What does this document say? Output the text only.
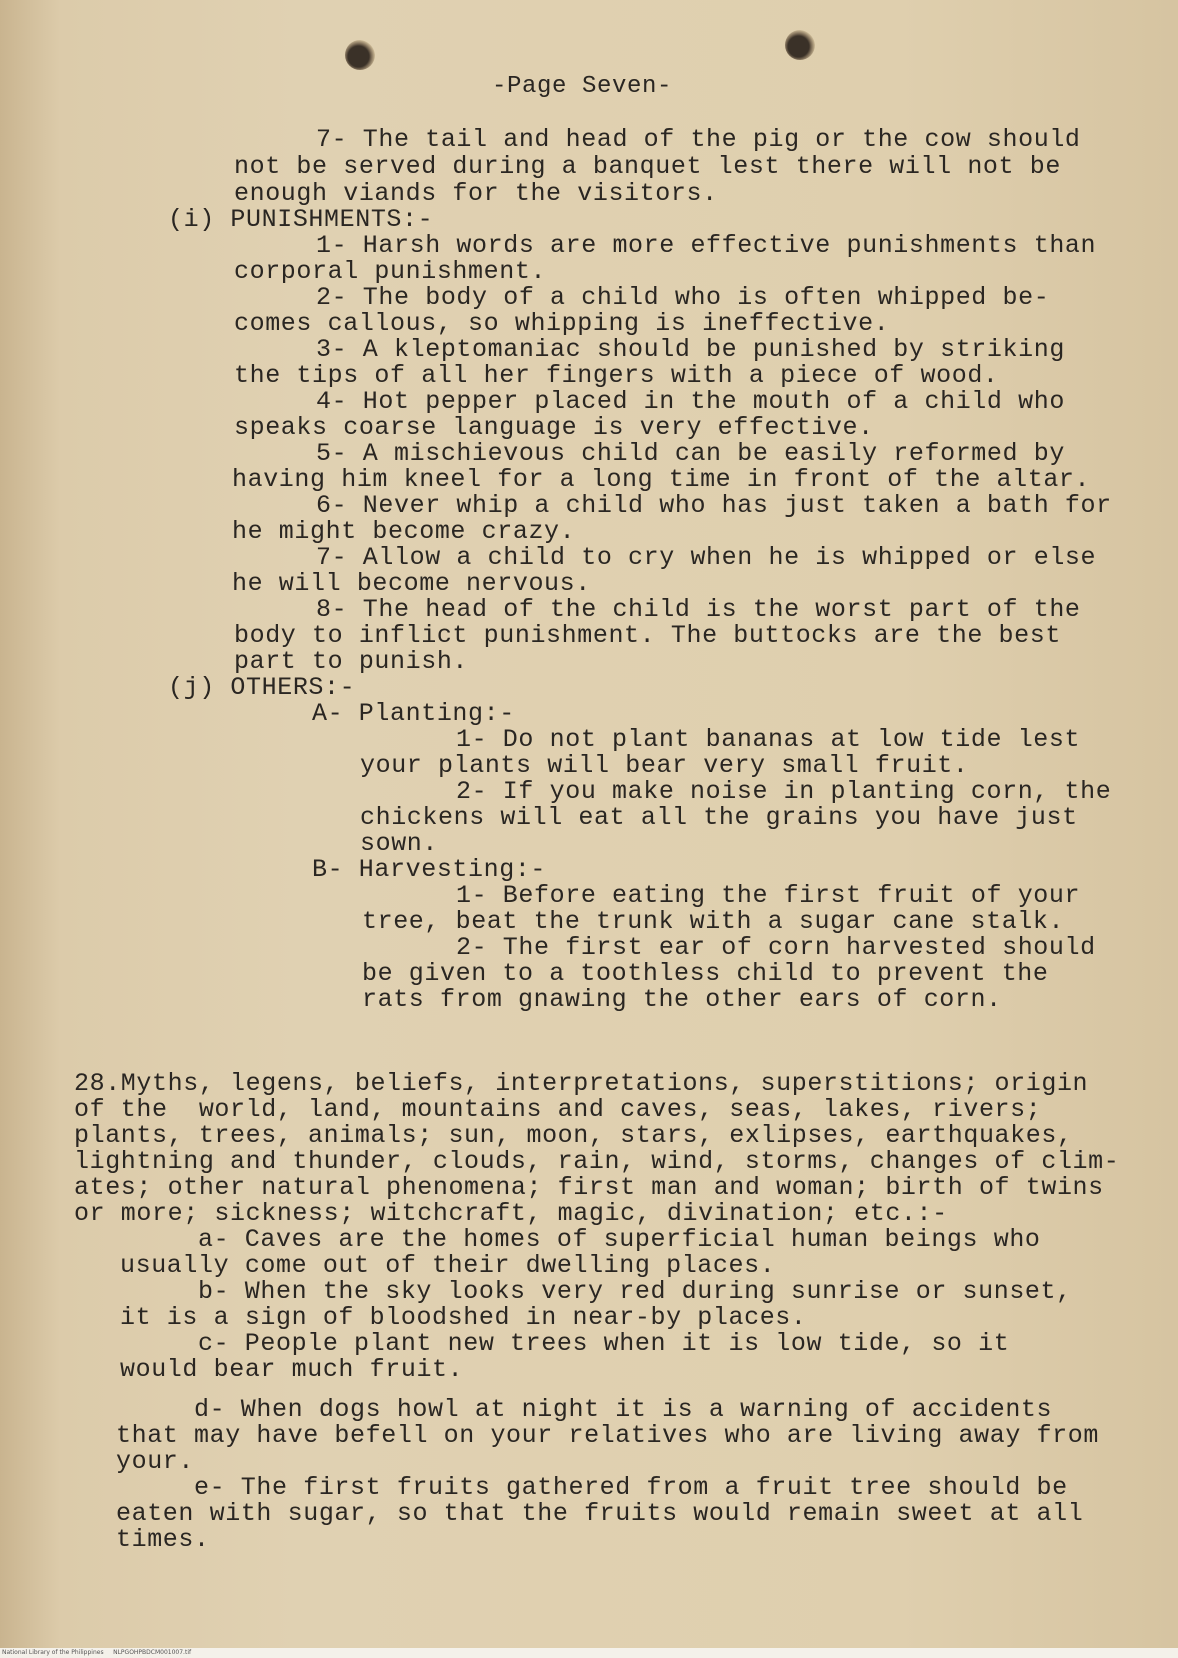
-Page Seven-
7- The tail and head of the pig or the cow should
not be served during a banquet lest there will not be
enough viands for the visitors.
(i) PUNISHMENTS:-
1- Harsh words are more effective punishments than
corporal punishment.
2- The body of a child who is often whipped be-
comes callous, so whipping is ineffective.
3- A kleptomaniac should be punished by striking
the tips of all her fingers with a piece of wood.
4- Hot pepper placed in the mouth of a child who
speaks coarse language is very effective.
5- A mischievous child can be easily reformed by
having him kneel for a long time in front of the altar.
6- Never whip a child who has just taken a bath for
he might become crazy.
7- Allow a child to cry when he is whipped or else
he will become nervous.
8- The head of the child is the worst part of the
body to inflict punishment. The buttocks are the best
part to punish.
(j) OTHERS:-
A- Planting:-
1- Do not plant bananas at low tide lest
your plants will bear very small fruit.
2- If you make noise in planting corn, the
chickens will eat all the grains you have just
sown.
B- Harvesting:-
1- Before eating the first fruit of your
tree, beat the trunk with a sugar cane stalk.
2- The first ear of corn harvested should
be given to a toothless child to prevent the
rats from gnawing the other ears of corn.
28.Myths, legens, beliefs, interpretations, superstitions; origin
of the  world, land, mountains and caves, seas, lakes, rivers;
plants, trees, animals; sun, moon, stars, exlipses, earthquakes,
lightning and thunder, clouds, rain, wind, storms, changes of clim-
ates; other natural phenomena; first man and woman; birth of twins
or more; sickness; witchcraft, magic, divination; etc.:-
a- Caves are the homes of superficial human beings who
usually come out of their dwelling places.
b- When the sky looks very red during sunrise or sunset,
it is a sign of bloodshed in near-by places.
c- People plant new trees when it is low tide, so it
would bear much fruit.
d- When dogs howl at night it is a warning of accidents
that may have befell on your relatives who are living away from
your.
e- The first fruits gathered from a fruit tree should be
eaten with sugar, so that the fruits would remain sweet at all
times.
National Library of the Philippines     NLPGOHPBDCM001007.tif
